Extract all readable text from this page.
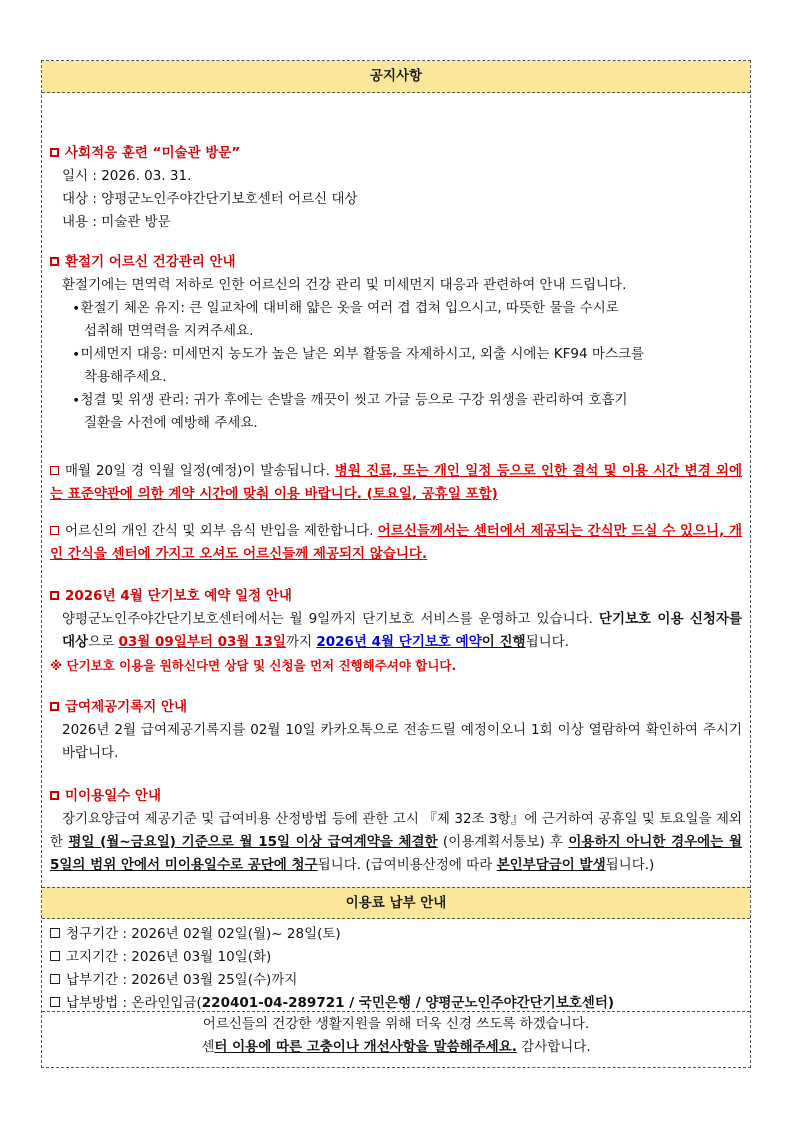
공지사항
사회적응 훈련 “미술관 방문”
일시 : 2026. 03. 31.
대상 : 양평군노인주야간단기보호센터 어르신 대상
내용 : 미술관 방문
환절기 어르신 건강관리 안내
환절기에는 면역력 저하로 인한 어르신의 건강 관리 및 미세먼지 대응과 관련하여 안내 드립니다.
∙환절기 체온 유지: 큰 일교차에 대비해 얇은 옷을 여러 겹 겹쳐 입으시고, 따뜻한 물을 수시로
섭취해 면역력을 지켜주세요.
∙미세먼지 대응: 미세먼지 농도가 높은 날은 외부 활동을 자제하시고, 외출 시에는 KF94 마스크를
착용해주세요.
∙청결 및 위생 관리: 귀가 후에는 손발을 깨끗이 씻고 가글 등으로 구강 위생을 관리하여 호흡기
질환을 사전에 예방해 주세요.
매월 20일 경 익월 일정(예정)이 발송됩니다. 병원 진료, 또는 개인 일정 등으로 인한 결석 및 이용 시간 변경 외에는 표준약관에 의한 계약 시간에 맞춰 이용 바랍니다. (토요일, 공휴일 포함)
어르신의 개인 간식 및 외부 음식 반입을 제한합니다. 어르신들께서는 센터에서 제공되는 간식만 드실 수 있으니, 개인 간식을 센터에 가지고 오셔도 어르신들께 제공되지 않습니다.
2026년 4월 단기보호 예약 일정 안내
양평군노인주야간단기보호센터에서는 월 9일까지 단기보호 서비스를 운영하고 있습니다. 단기보호 이용 신청자를 대상으로 03월 09일부터 03월 13일까지 2026년 4월 단기보호 예약이 진행됩니다.
※ 단기보호 이용을 원하신다면 상담 및 신청을 먼저 진행해주셔야 합니다.
급여제공기록지 안내
2026년 2월 급여제공기록지를 02월 10일 카카오톡으로 전송드릴 예정이오니 1회 이상 열람하여 확인하여 주시기 바랍니다.
미이용일수 안내
장기요양급여 제공기준 및 급여비용 산정방법 등에 관한 고시 『제 32조 3항』에 근거하여 공휴일 및 토요일을 제외한 평일 (월~금요일) 기준으로 월 15일 이상 급여계약을 체결한 (이용계획서통보) 후 이용하지 아니한 경우에는 월 5일의 범위 안에서 미이용일수로 공단에 청구됩니다. (급여비용산정에 따라 본인부담금이 발생됩니다.)
이용료 납부 안내
청구기간 : 2026년 02월 02일(월)~ 28일(토)
고지기간 : 2026년 03월 10일(화)
납부기간 : 2026년 03월 25일(수)까지
납부방법 : 온라인입금(220401-04-289721 / 국민은행 / 양평군노인주야간단기보호센터)
어르신들의 건강한 생활지원을 위해 더욱 신경 쓰도록 하겠습니다.
센터 이용에 따른 고충이나 개선사항을 말씀해주세요. 감사합니다.
